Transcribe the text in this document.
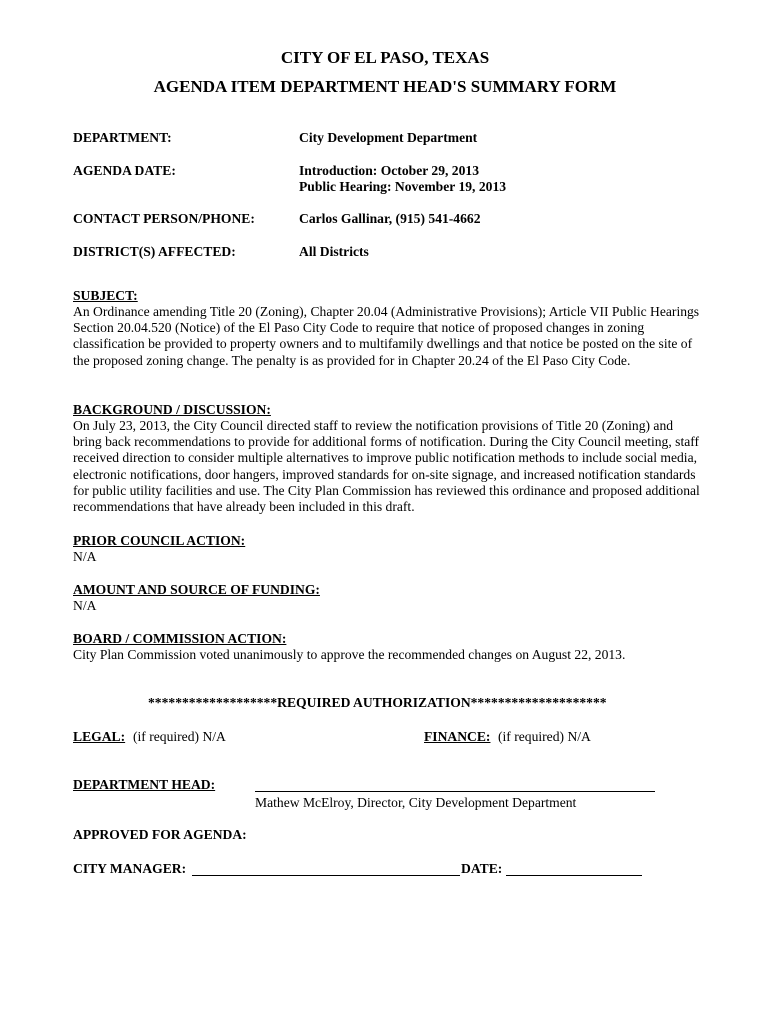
CITY OF EL PASO, TEXAS
AGENDA ITEM DEPARTMENT HEAD'S SUMMARY FORM
DEPARTMENT:	City Development Department
AGENDA DATE:	Introduction: October 29, 2013
Public Hearing: November 19, 2013
CONTACT PERSON/PHONE:	Carlos Gallinar, (915) 541-4662
DISTRICT(S) AFFECTED:	All Districts
SUBJECT:
An Ordinance amending Title 20 (Zoning), Chapter 20.04 (Administrative Provisions); Article VII Public Hearings Section 20.04.520 (Notice) of the El Paso City Code to require that notice of proposed changes in zoning classification be provided to property owners and to multifamily dwellings and that notice be posted on the site of the proposed zoning change. The penalty is as provided for in Chapter 20.24 of the El Paso City Code.
BACKGROUND / DISCUSSION:
On July 23, 2013, the City Council directed staff to review the notification provisions of Title 20 (Zoning) and bring back recommendations to provide for additional forms of notification. During the City Council meeting, staff received direction to consider multiple alternatives to improve public notification methods to include social media, electronic notifications, door hangers, improved standards for on-site signage, and increased notification standards for public utility facilities and use. The City Plan Commission has reviewed this ordinance and proposed additional recommendations that have already been included in this draft.
PRIOR COUNCIL ACTION:
N/A
AMOUNT AND SOURCE OF FUNDING:
N/A
BOARD / COMMISSION ACTION:
City Plan Commission voted unanimously to approve the recommended changes on August 22, 2013.
*******************REQUIRED AUTHORIZATION********************
LEGAL: (if required) N/A	FINANCE: (if required) N/A
DEPARTMENT HEAD:
Mathew McElroy, Director, City Development Department
APPROVED FOR AGENDA:
CITY MANAGER:	DATE:
